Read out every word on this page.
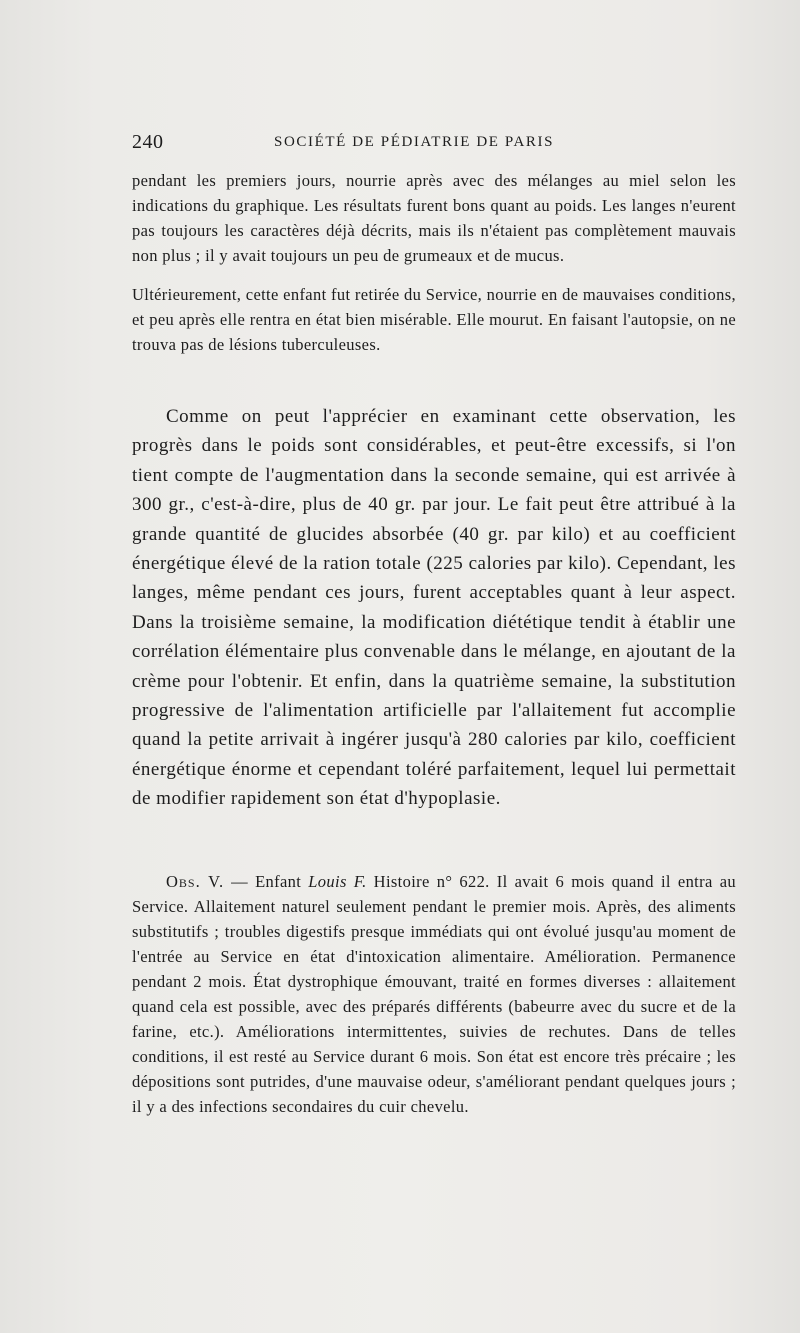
240	SOCIÉTÉ DE PÉDIATRIE DE PARIS

pendant les premiers jours, nourrie après avec des mélanges au miel selon les indications du graphique. Les résultats furent bons quant au poids. Les langes n'eurent pas toujours les caractères déjà décrits, mais ils n'étaient pas complètement mauvais non plus ; il y avait toujours un peu de grumeaux et de mucus.

Ultérieurement, cette enfant fut retirée du Service, nourrie en de mauvaises conditions, et peu après elle rentra en état bien misérable. Elle mourut. En faisant l'autopsie, on ne trouva pas de lésions tuberculeuses.

Comme on peut l'apprécier en examinant cette observation, les progrès dans le poids sont considérables, et peut-être excessifs, si l'on tient compte de l'augmentation dans la seconde semaine, qui est arrivée à 300 gr., c'est-à-dire, plus de 40 gr. par jour. Le fait peut être attribué à la grande quantité de glucides absorbée (40 gr. par kilo) et au coefficient énergétique élevé de la ration totale (225 calories par kilo). Cependant, les langes, même pendant ces jours, furent acceptables quant à leur aspect. Dans la troisième semaine, la modification diététique tendit à établir une corrélation élémentaire plus convenable dans le mélange, en ajoutant de la crème pour l'obtenir. Et enfin, dans la quatrième semaine, la substitution progressive de l'alimentation artificielle par l'allaitement fut accomplie quand la petite arrivait à ingérer jusqu'à 280 calories par kilo, coefficient énergétique énorme et cependant toléré parfaitement, lequel lui permettait de modifier rapidement son état d'hypoplasie.

Obs. V. — Enfant Louis F. Histoire n° 622. Il avait 6 mois quand il entra au Service. Allaitement naturel seulement pendant le premier mois. Après, des aliments substitutifs ; troubles digestifs presque immédiats qui ont évolué jusqu'au moment de l'entrée au Service en état d'intoxication alimentaire. Amélioration. Permanence pendant 2 mois. État dystrophique émouvant, traité en formes diverses : allaitement quand cela est possible, avec des préparés différents (babeurre avec du sucre et de la farine, etc.). Améliorations intermittentes, suivies de rechutes. Dans de telles conditions, il est resté au Service durant 6 mois. Son état est encore très précaire ; les dépositions sont putrides, d'une mauvaise odeur, s'améliorant pendant quelques jours ; il y a des infections secondaires du cuir chevelu.
